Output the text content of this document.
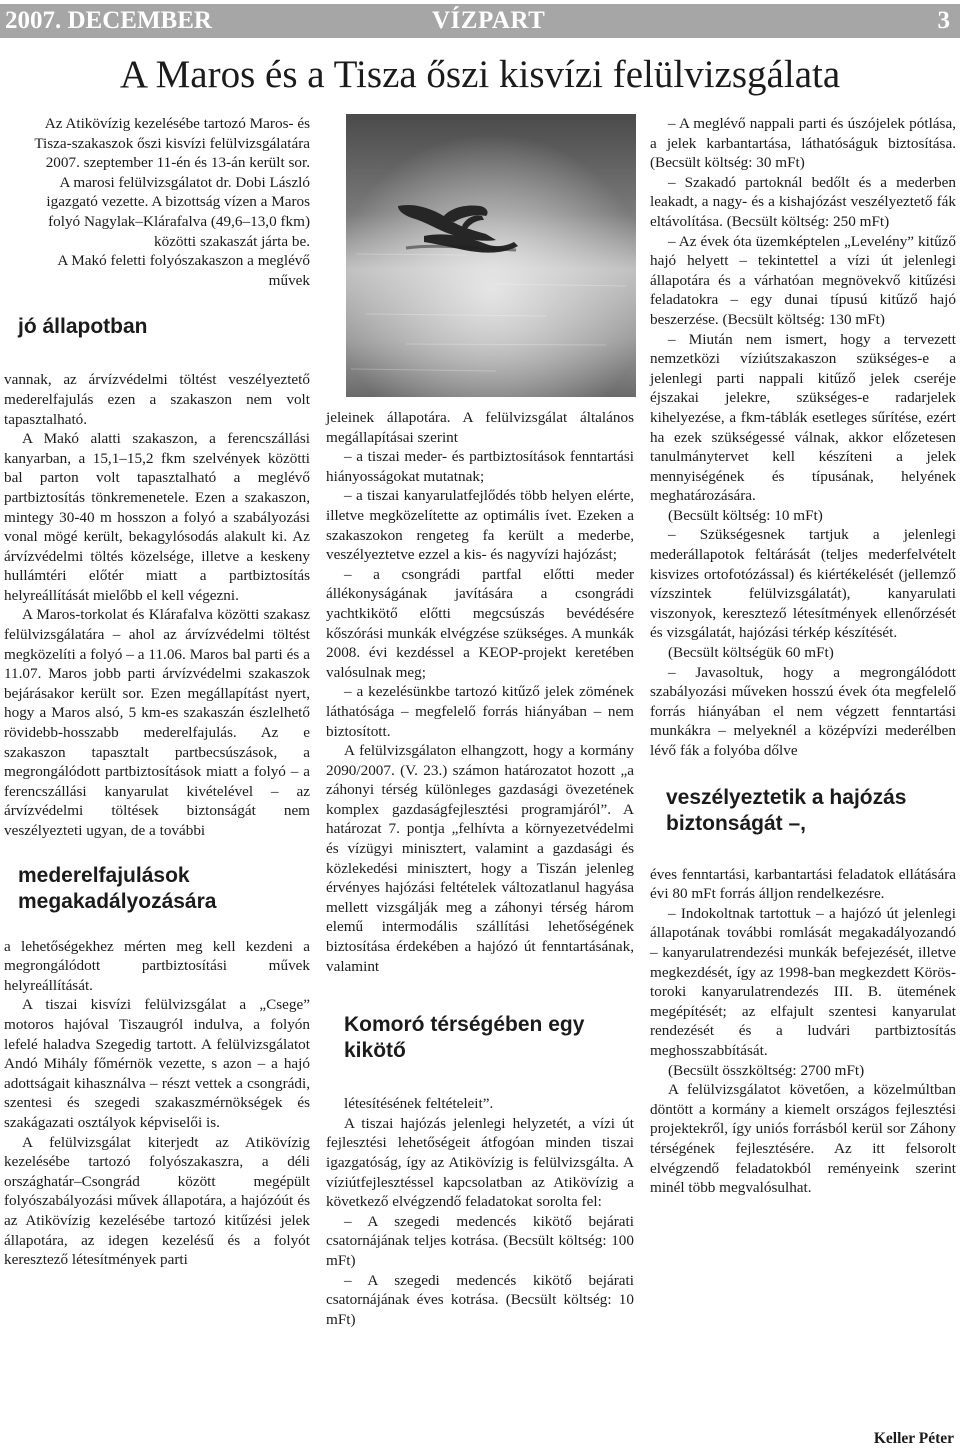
2007. DECEMBER	VÍZPART	3
A Maros és a Tisza őszi kisvízi felülvizsgálata

Az Atikövízig kezelésébe tartozó Maros- és Tisza-szakaszok őszi kisvízi felülvizsgálatára 2007. szeptember 11-én és 13-án került sor.

A marosi felülvizsgálatot dr. Dobi László igazgató vezette. A bizottság vízen a Maros folyó Nagylak–Klárafalva (49,6–13,0 fkm) közötti szakaszát járta be.

A Makó feletti folyószakaszon a meglévő művek

jó állapotban

vannak, az árvízvédelmi töltést veszélyeztető mederelfajulás ezen a szakaszon nem volt tapasztalható.

A Makó alatti szakaszon, a ferencszállási kanyarban, a 15,1–15,2 fkm szelvények közötti bal parton volt tapasztalható a meglévő partbiztosítás tönkremenetele. Ezen a szakaszon, mintegy 30-40 m hosszon a folyó a szabályozási vonal mögé került, bekagylósodás alakult ki. Az árvízvédelmi töltés közelsége, illetve a keskeny hullámtéri előtér miatt a partbiztosítás helyreállítását mielőbb el kell végezni.

A Maros-torkolat és Klárafalva közötti szakasz felülvizsgálatára – ahol az árvízvédelmi töltést megközelíti a folyó – a 11.06. Maros bal parti és a 11.07. Maros jobb parti árvízvédelmi szakaszok bejárásakor került sor. Ezen megállapítást nyert, hogy a Maros alsó, 5 km-es szakaszán észlelhető rövidebb-hosszabb mederelfajulás. Az e szakaszon tapasztalt partbecsúszások, a megrongálódott partbiztosítások miatt a folyó – a ferencszállási kanyarulat kivételével – az árvízvédelmi töltések biztonságát nem veszélyezteti ugyan, de a további

mederelfajulások megakadályozására

a lehetőségekhez mérten meg kell kezdeni a megrongálódott partbiztosítási művek helyreállítását.

A tiszai kisvízi felülvizsgálat a „Csege” motoros hajóval Tiszaugról indulva, a folyón lefelé haladva Szegedig tartott. A felülvizsgálatot Andó Mihály főmérnök vezette, s azon – a hajó adottságait kihasználva – részt vettek a csongrádi, szentesi és szegedi szakaszmérnökségek és szakágazati osztályok képviselői is.

A felülvizsgálat kiterjedt az Atikövízig kezelésébe tartozó folyószakaszra, a déli országhatár–Csongrád között megépült folyószabályozási művek állapotára, a hajózóút és az Atikövízig kezelésébe tartozó kitűzési jelek állapotára, az idegen kezelésű és a folyót keresztező létesítmények parti

jeleinek állapotára. A felülvizsgálat általános megállapításai szerint

– a tiszai meder- és partbiztosítások fenntartási hiányosságokat mutatnak;

– a tiszai kanyarulatfejlődés több helyen elérte, illetve megközelítette az optimális ívet. Ezeken a szakaszokon rengeteg fa került a mederbe, veszélyeztetve ezzel a kis- és nagyvízi hajózást;

– a csongrádi partfal előtti meder állékonyságának javítására a csongrádi yachtkikötő előtti megcsúszás bevédésére kőszórási munkák elvégzése szükséges. A munkák 2008. évi kezdéssel a KEOP-projekt keretében valósulnak meg;

– a kezelésünkbe tartozó kitűző jelek zömének láthatósága – megfelelő forrás hiányában – nem biztosított.

A felülvizsgálaton elhangzott, hogy a kormány 2090/2007. (V. 23.) számon határozatot hozott „a záhonyi térség különleges gazdasági övezetének komplex gazdaságfejlesztési programjáról”. A határozat 7. pontja „felhívta a környezetvédelmi és vízügyi minisztert, valamint a gazdasági és közlekedési minisztert, hogy a Tiszán jelenleg érvényes hajózási feltételek változatlanul hagyása mellett vizsgálják meg a záhonyi térség három elemű intermodális szállítási lehetőségének biztosítása érdekében a hajózó út fenntartásának, valamint

Komoró térségében egy kikötő

létesítésének feltételeit”.

A tiszai hajózás jelenlegi helyzetét, a vízi út fejlesztési lehetőségeit átfogóan minden tiszai igazgatóság, így az Atikövízig is felülvizsgálta. A víziútfejlesztéssel kapcsolatban az Atikövízig a következő elvégzendő feladatokat sorolta fel:

– A szegedi medencés kikötő bejárati csatornájának teljes kotrása. (Becsült költség: 100 mFt)

– A szegedi medencés kikötő bejárati csatornájának éves kotrása. (Becsült költség: 10 mFt)

– A meglévő nappali parti és úszójelek pótlása, a jelek karbantartása, láthatóságuk biztosítása. (Becsült költség: 30 mFt)

– Szakadó partoknál bedőlt és a mederben leakadt, a nagy- és a kishajózást veszélyeztető fák eltávolítása. (Becsült költség: 250 mFt)

– Az évek óta üzemképtelen „Levelény” kitűző hajó helyett – tekintettel a vízi út jelenlegi állapotára és a várhatóan megnövekvő kitűzési feladatokra – egy dunai típusú kitűző hajó beszerzése. (Becsült költség: 130 mFt)

– Miután nem ismert, hogy a tervezett nemzetközi víziútszakaszon szükséges-e a jelenlegi parti nappali kitűző jelek cseréje éjszakai jelekre, szükséges-e radarjelek kihelyezése, a fkm-táblák esetleges sűrítése, ezért ha ezek szükségessé válnak, akkor előzetesen tanulmánytervet kell készíteni a jelek mennyiségének és típusának, helyének meghatározására.

(Becsült költség: 10 mFt)

– Szükségesnek tartjuk a jelenlegi mederállapotok feltárását (teljes mederfelvételt kisvizes ortofotózással) és kiértékelését (jellemző vízszintek felülvizsgálatát), kanyarulati viszonyok, keresztező létesítmények ellenőrzését és vizsgálatát, hajózási térkép készítését.

(Becsült költségük 60 mFt)

– Javasoltuk, hogy a megrongálódott szabályozási műveken hosszú évek óta megfelelő forrás hiányában el nem végzett fenntartási munkákra – melyeknél a középvízi mederélben lévő fák a folyóba dőlve

veszélyeztetik a hajózás biztonságát –,

éves fenntartási, karbantartási feladatok ellátására évi 80 mFt forrás álljon rendelkezésre.

– Indokoltnak tartottuk – a hajózó út jelenlegi állapotának további romlását megakadályozandó – kanyarulatrendezési munkák befejezését, illetve megkezdését, így az 1998-ban megkezdett Körös-toroki kanyarulatrendezés III. B. ütemének megépítését; az elfajult szentesi kanyarulat rendezését és a ludvári partbiztosítás meghosszabbítását.

(Becsült összköltség: 2700 mFt)

A felülvizsgálatot követően, a közelmúltban döntött a kormány a kiemelt országos fejlesztési projektekről, így uniós forrásból kerül sor Záhony térségének fejlesztésére. Az itt felsorolt elvégzendő feladatokból reményeink szerint minél több megvalósulhat.

Keller Péter
